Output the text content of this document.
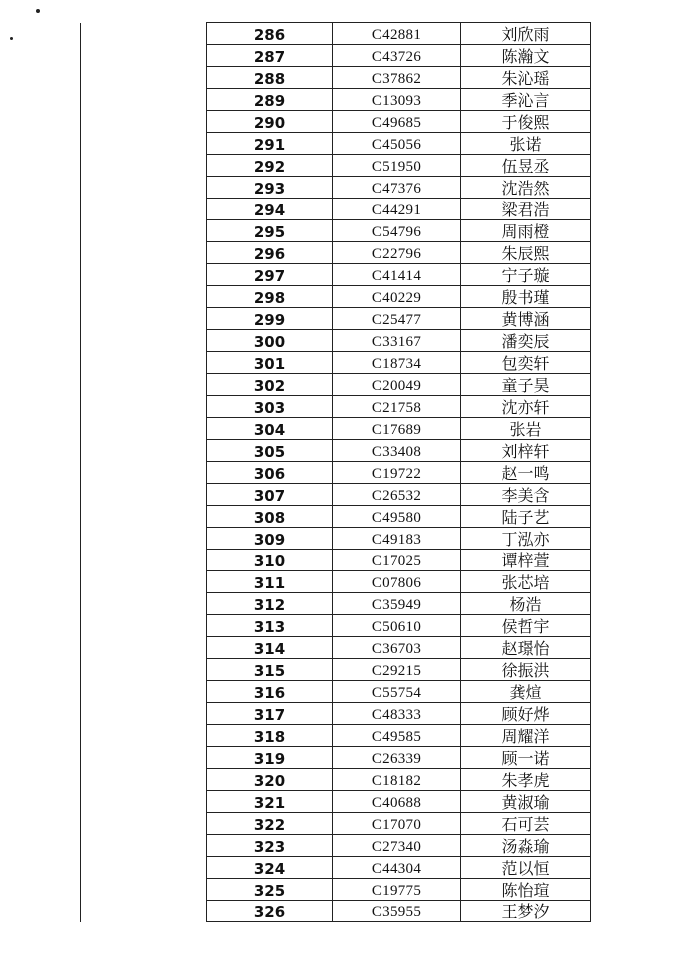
	286	C42881	刘欣雨
	287	C43726	陈瀚文
	288	C37862	朱沁瑶
	289	C13093	季沁言
	290	C49685	于俊熙
	291	C45056	张诺
	292	C51950	伍昱丞
	293	C47376	沈浩然
	294	C44291	梁君浩
	295	C54796	周雨橙
	296	C22796	朱辰熙
	297	C41414	宁子璇
	298	C40229	殷书瑾
	299	C25477	黄博涵
	300	C33167	潘奕辰
	301	C18734	包奕轩
	302	C20049	童子昊
	303	C21758	沈亦轩
	304	C17689	张岩
	305	C33408	刘梓轩
	306	C19722	赵一鸣
	307	C26532	李美含
	308	C49580	陆子艺
	309	C49183	丁泓亦
	310	C17025	谭梓萱
	311	C07806	张芯培
	312	C35949	杨浩
	313	C50610	侯哲宇
	314	C36703	赵璟怡
	315	C29215	徐振洪
	316	C55754	龚煊
	317	C48333	顾好烨
	318	C49585	周耀洋
	319	C26339	顾一诺
	320	C18182	朱孝虎
	321	C40688	黄淑瑜
	322	C17070	石可芸
	323	C27340	汤淼瑜
	324	C44304	范以恒
	325	C19775	陈怡瑄
	326	C35955	王梦汐
